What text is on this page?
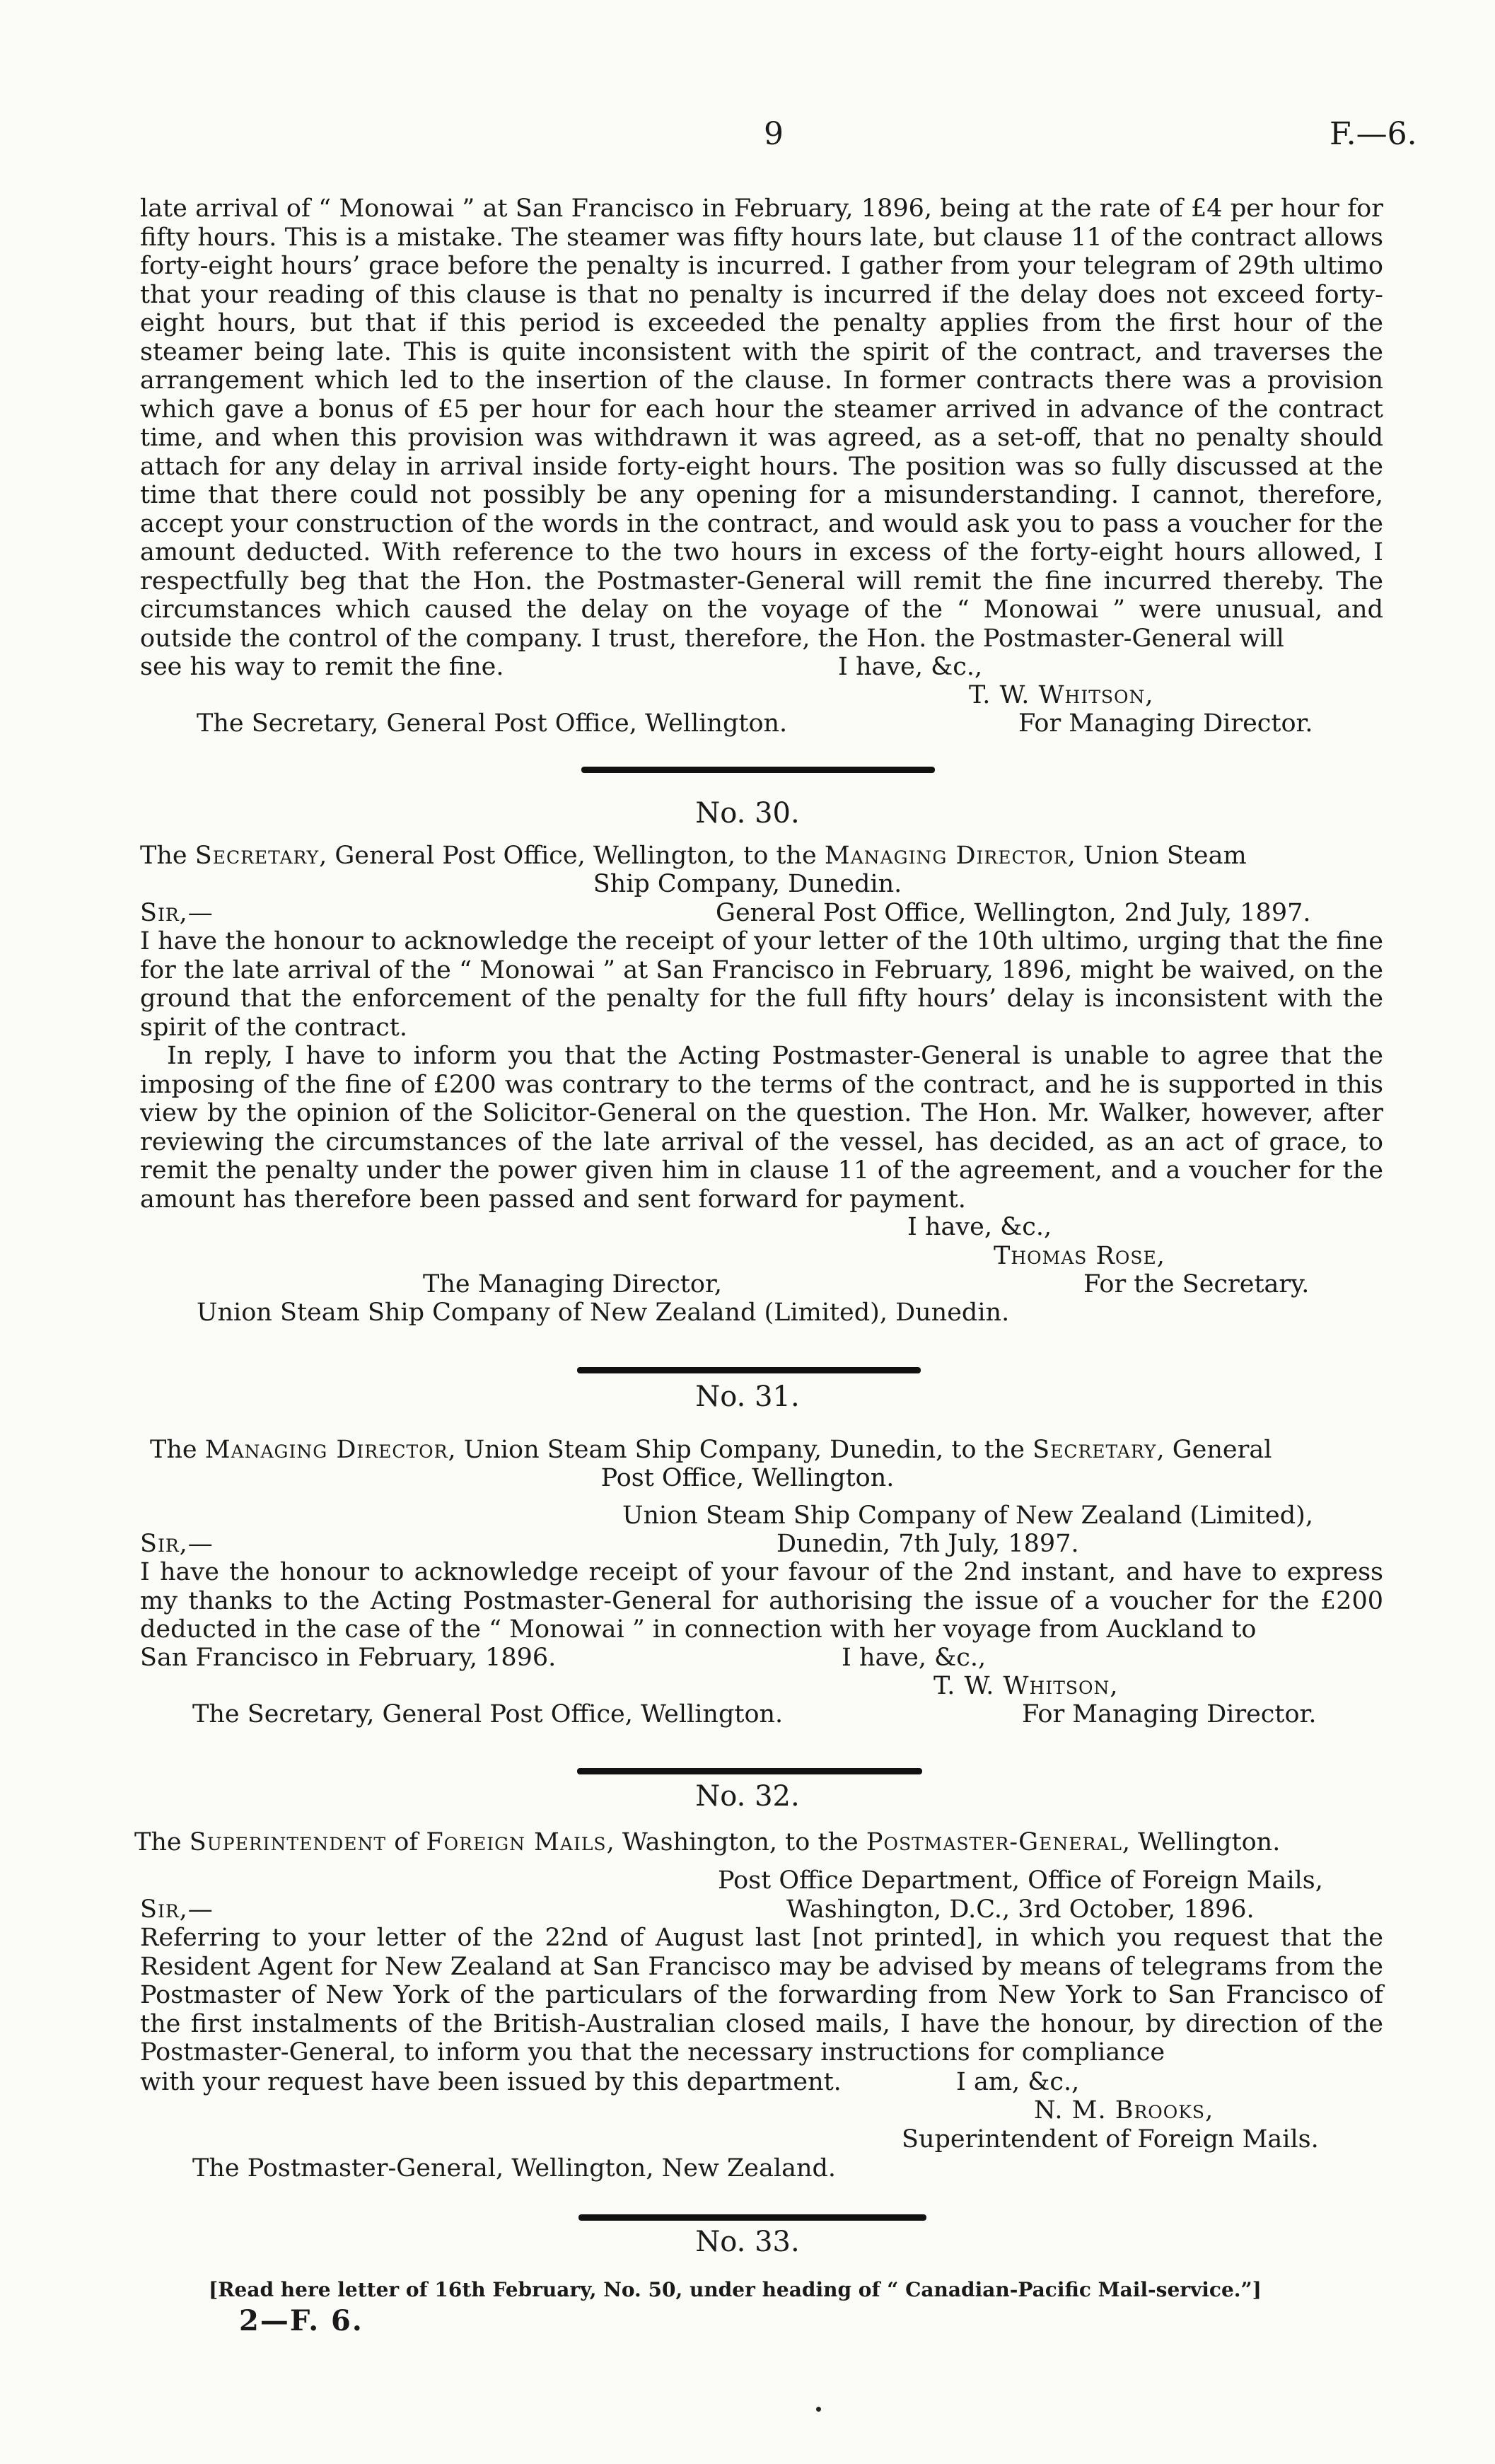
9	F.—6.

late arrival of “ Monowai ” at San Francisco in February, 1896, being at the rate of £4 per hour for fifty hours. This is a mistake. The steamer was fifty hours late, but clause 11 of the contract allows forty-eight hours’ grace before the penalty is incurred. I gather from your telegram of 29th ultimo that your reading of this clause is that no penalty is incurred if the delay does not exceed forty-eight hours, but that if this period is exceeded the penalty applies from the first hour of the steamer being late. This is quite inconsistent with the spirit of the contract, and traverses the arrangement which led to the insertion of the clause. In former contracts there was a provision which gave a bonus of £5 per hour for each hour the steamer arrived in advance of the contract time, and when this provision was withdrawn it was agreed, as a set-off, that no penalty should attach for any delay in arrival inside forty-eight hours. The position was so fully discussed at the time that there could not possibly be any opening for a misunderstanding. I cannot, therefore, accept your construction of the words in the contract, and would ask you to pass a voucher for the amount deducted. With reference to the two hours in excess of the forty-eight hours allowed, I respectfully beg that the Hon. the Postmaster-General will remit the fine incurred thereby. The circumstances which caused the delay on the voyage of the “ Monowai ” were unusual, and outside the control of the company. I trust, therefore, the Hon. the Postmaster-General will

see his way to remit the fine.	I have, &c.,
T. W. Whitson,
The Secretary, General Post Office, Wellington.	For Managing Director.
No. 30.
The Secretary, General Post Office, Wellington, to the Managing Director, Union Steam
Ship Company, Dunedin.
Sir,—	General Post Office, Wellington, 2nd July, 1897.

I have the honour to acknowledge the receipt of your letter of the 10th ultimo, urging that the fine for the late arrival of the “ Monowai ” at San Francisco in February, 1896, might be waived, on the ground that the enforcement of the penalty for the full fifty hours’ delay is inconsistent with the spirit of the contract.

In reply, I have to inform you that the Acting Postmaster-General is unable to agree that the imposing of the fine of £200 was contrary to the terms of the contract, and he is supported in this view by the opinion of the Solicitor-General on the question. The Hon. Mr. Walker, however, after reviewing the circumstances of the late arrival of the vessel, has decided, as an act of grace, to remit the penalty under the power given him in clause 11 of the agreement, and a voucher for the amount has therefore been passed and sent forward for payment.

I have, &c.,
Thomas Rose,
The Managing Director,	For the Secretary.
Union Steam Ship Company of New Zealand (Limited), Dunedin.
No. 31.
The Managing Director, Union Steam Ship Company, Dunedin, to the Secretary, General
Post Office, Wellington.
Union Steam Ship Company of New Zealand (Limited),
Sir,—	Dunedin, 7th July, 1897.

I have the honour to acknowledge receipt of your favour of the 2nd instant, and have to express my thanks to the Acting Postmaster-General for authorising the issue of a voucher for the £200 deducted in the case of the “ Monowai ” in connection with her voyage from Auckland to

San Francisco in February, 1896.	I have, &c.,
T. W. Whitson,
The Secretary, General Post Office, Wellington.	For Managing Director.
No. 32.
The Superintendent of Foreign Mails, Washington, to the Postmaster-General, Wellington.
Post Office Department, Office of Foreign Mails,
Sir,—	Washington, D.C., 3rd October, 1896.

Referring to your letter of the 22nd of August last [not printed], in which you request that the Resident Agent for New Zealand at San Francisco may be advised by means of telegrams from the Postmaster of New York of the particulars of the forwarding from New York to San Francisco of the first instalments of the British-Australian closed mails, I have the honour, by direction of the Postmaster-General, to inform you that the necessary instructions for compliance

with your request have been issued by this department.	I am, &c.,
N. M. Brooks,
Superintendent of Foreign Mails.
The Postmaster-General, Wellington, New Zealand.
No. 33.
[Read here letter of 16th February, No. 50, under heading of “ Canadian-Pacific Mail-service.”]
2—F. 6.
